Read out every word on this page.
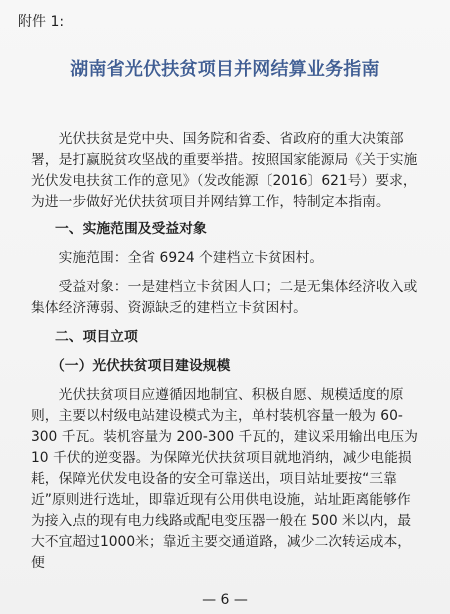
附件 1:
湖南省光伏扶贫项目并网结算业务指南

光伏扶贫是党中央、国务院和省委、省政府的重大决策部署，是打赢脱贫攻坚战的重要举措。按照国家能源局《关于实施光伏发电扶贫工作的意见》（发改能源〔2016〕621号）要求，为进一步做好光伏扶贫项目并网结算工作，特制定本指南。

一、实施范围及受益对象

实施范围：全省 6924 个建档立卡贫困村。

受益对象：一是建档立卡贫困人口；二是无集体经济收入或集体经济薄弱、资源缺乏的建档立卡贫困村。

二、项目立项
（一）光伏扶贫项目建设规模

光伏扶贫项目应遵循因地制宜、积极自愿、规模适度的原则，主要以村级电站建设模式为主，单村装机容量一般为 60-300 千瓦。装机容量为 200-300 千瓦的，建议采用输出电压为 10 千伏的逆变器。为保障光伏扶贫项目就地消纳，减少电能损耗，保障光伏发电设备的安全可靠送出，项目站址要按“三靠近”原则进行选址，即靠近现有公用供电设施，站址距离能够作为接入点的现有电力线路或配电变压器一般在 500 米以内，最大不宜超过1000米；靠近主要交通道路，减少二次转运成本，便

— 6 —
